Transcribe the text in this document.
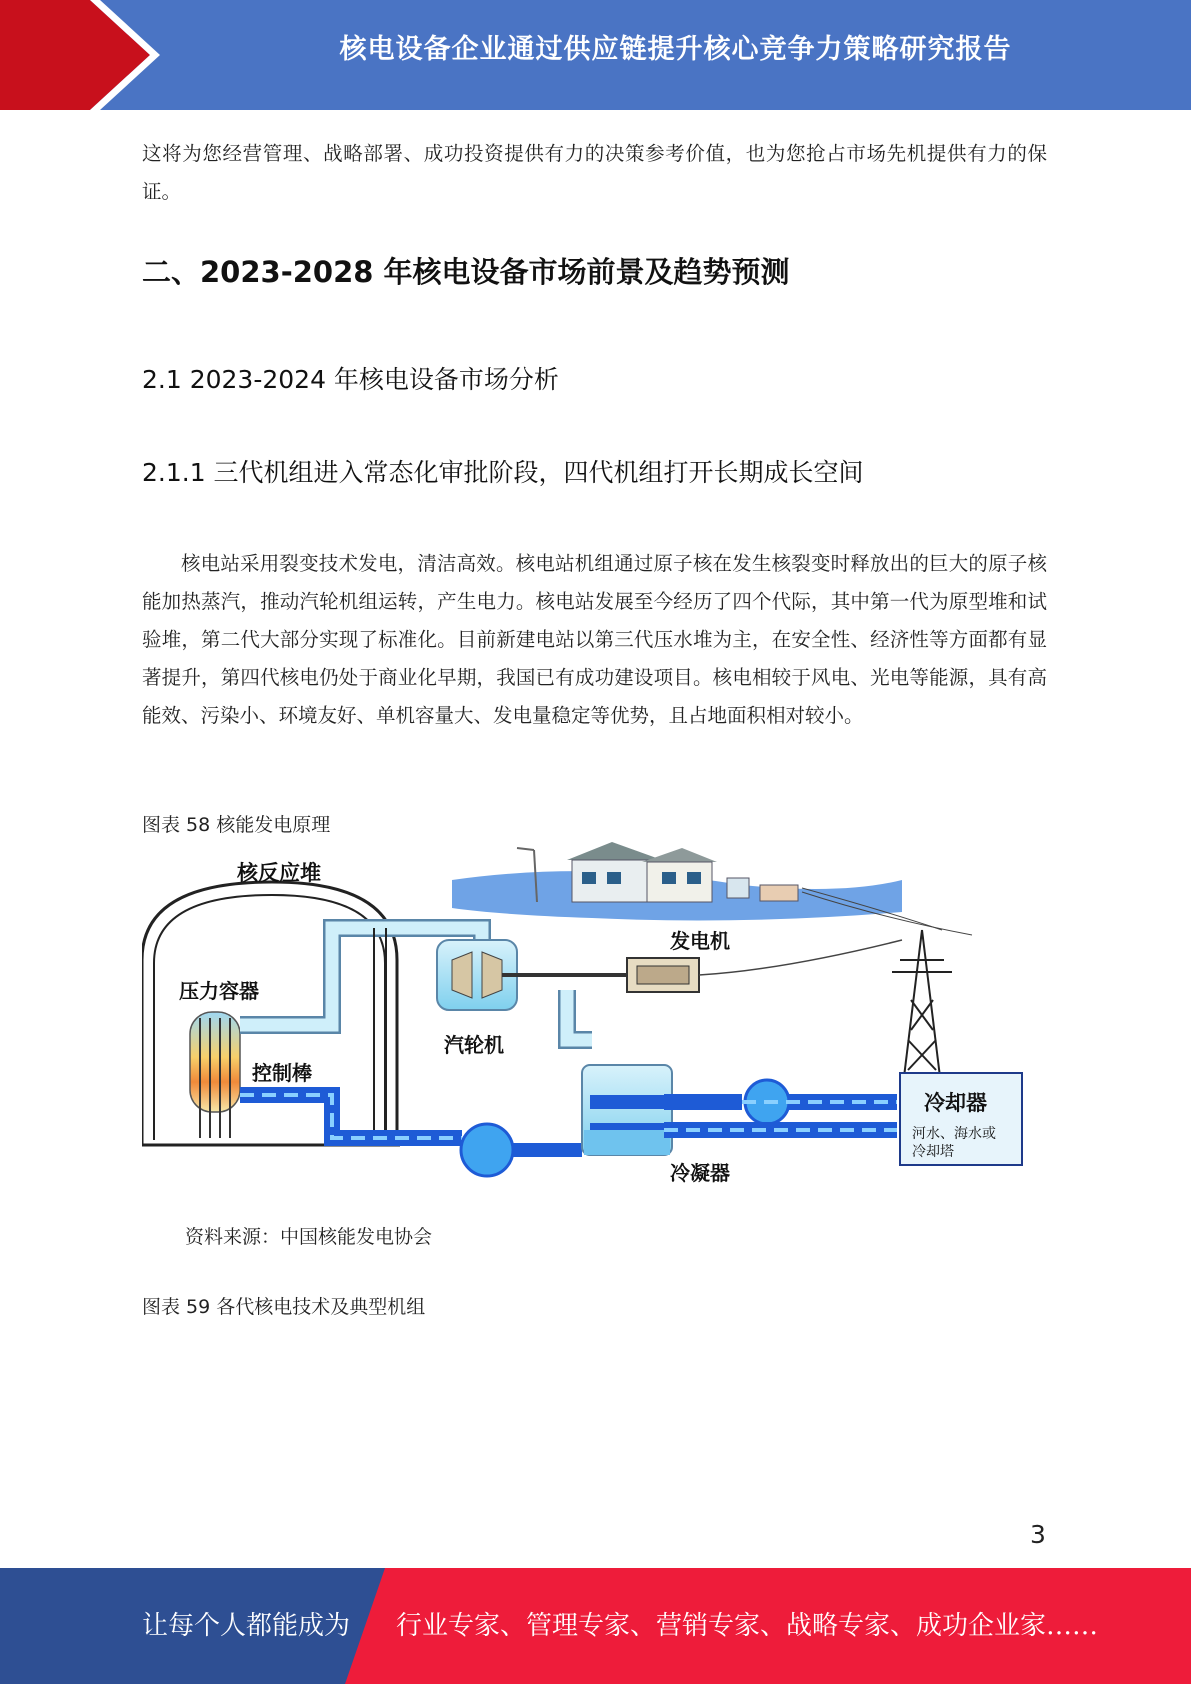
核电设备企业通过供应链提升核心竞争力策略研究报告

这将为您经营管理、战略部署、成功投资提供有力的决策参考价值，也为您抢占市场先机提供有力的保证。

二、2023-2028 年核电设备市场前景及趋势预测
2.1 2023-2024 年核电设备市场分析
2.1.1 三代机组进入常态化审批阶段，四代机组打开长期成长空间

核电站采用裂变技术发电，清洁高效。核电站机组通过原子核在发生核裂变时释放出的巨大的原子核能加热蒸汽，推动汽轮机组运转，产生电力。核电站发展至今经历了四个代际，其中第一代为原型堆和试验堆，第二代大部分实现了标准化。目前新建电站以第三代压水堆为主，在安全性、经济性等方面都有显著提升，第四代核电仍处于商业化早期，我国已有成功建设项目。核电相较于风电、光电等能源，具有高能效、污染小、环境友好、单机容量大、发电量稳定等优势，且占地面积相对较小。

图表 58 核能发电原理
核反应堆
压力容器
控制棒
汽轮机
发电机
冷凝器
冷却器
河水、海水或
冷却塔
资料来源：中国核能发电协会
图表 59 各代核电技术及典型机组
3
让每个人都能成为 行业专家、管理专家、营销专家、战略专家、成功企业家……
